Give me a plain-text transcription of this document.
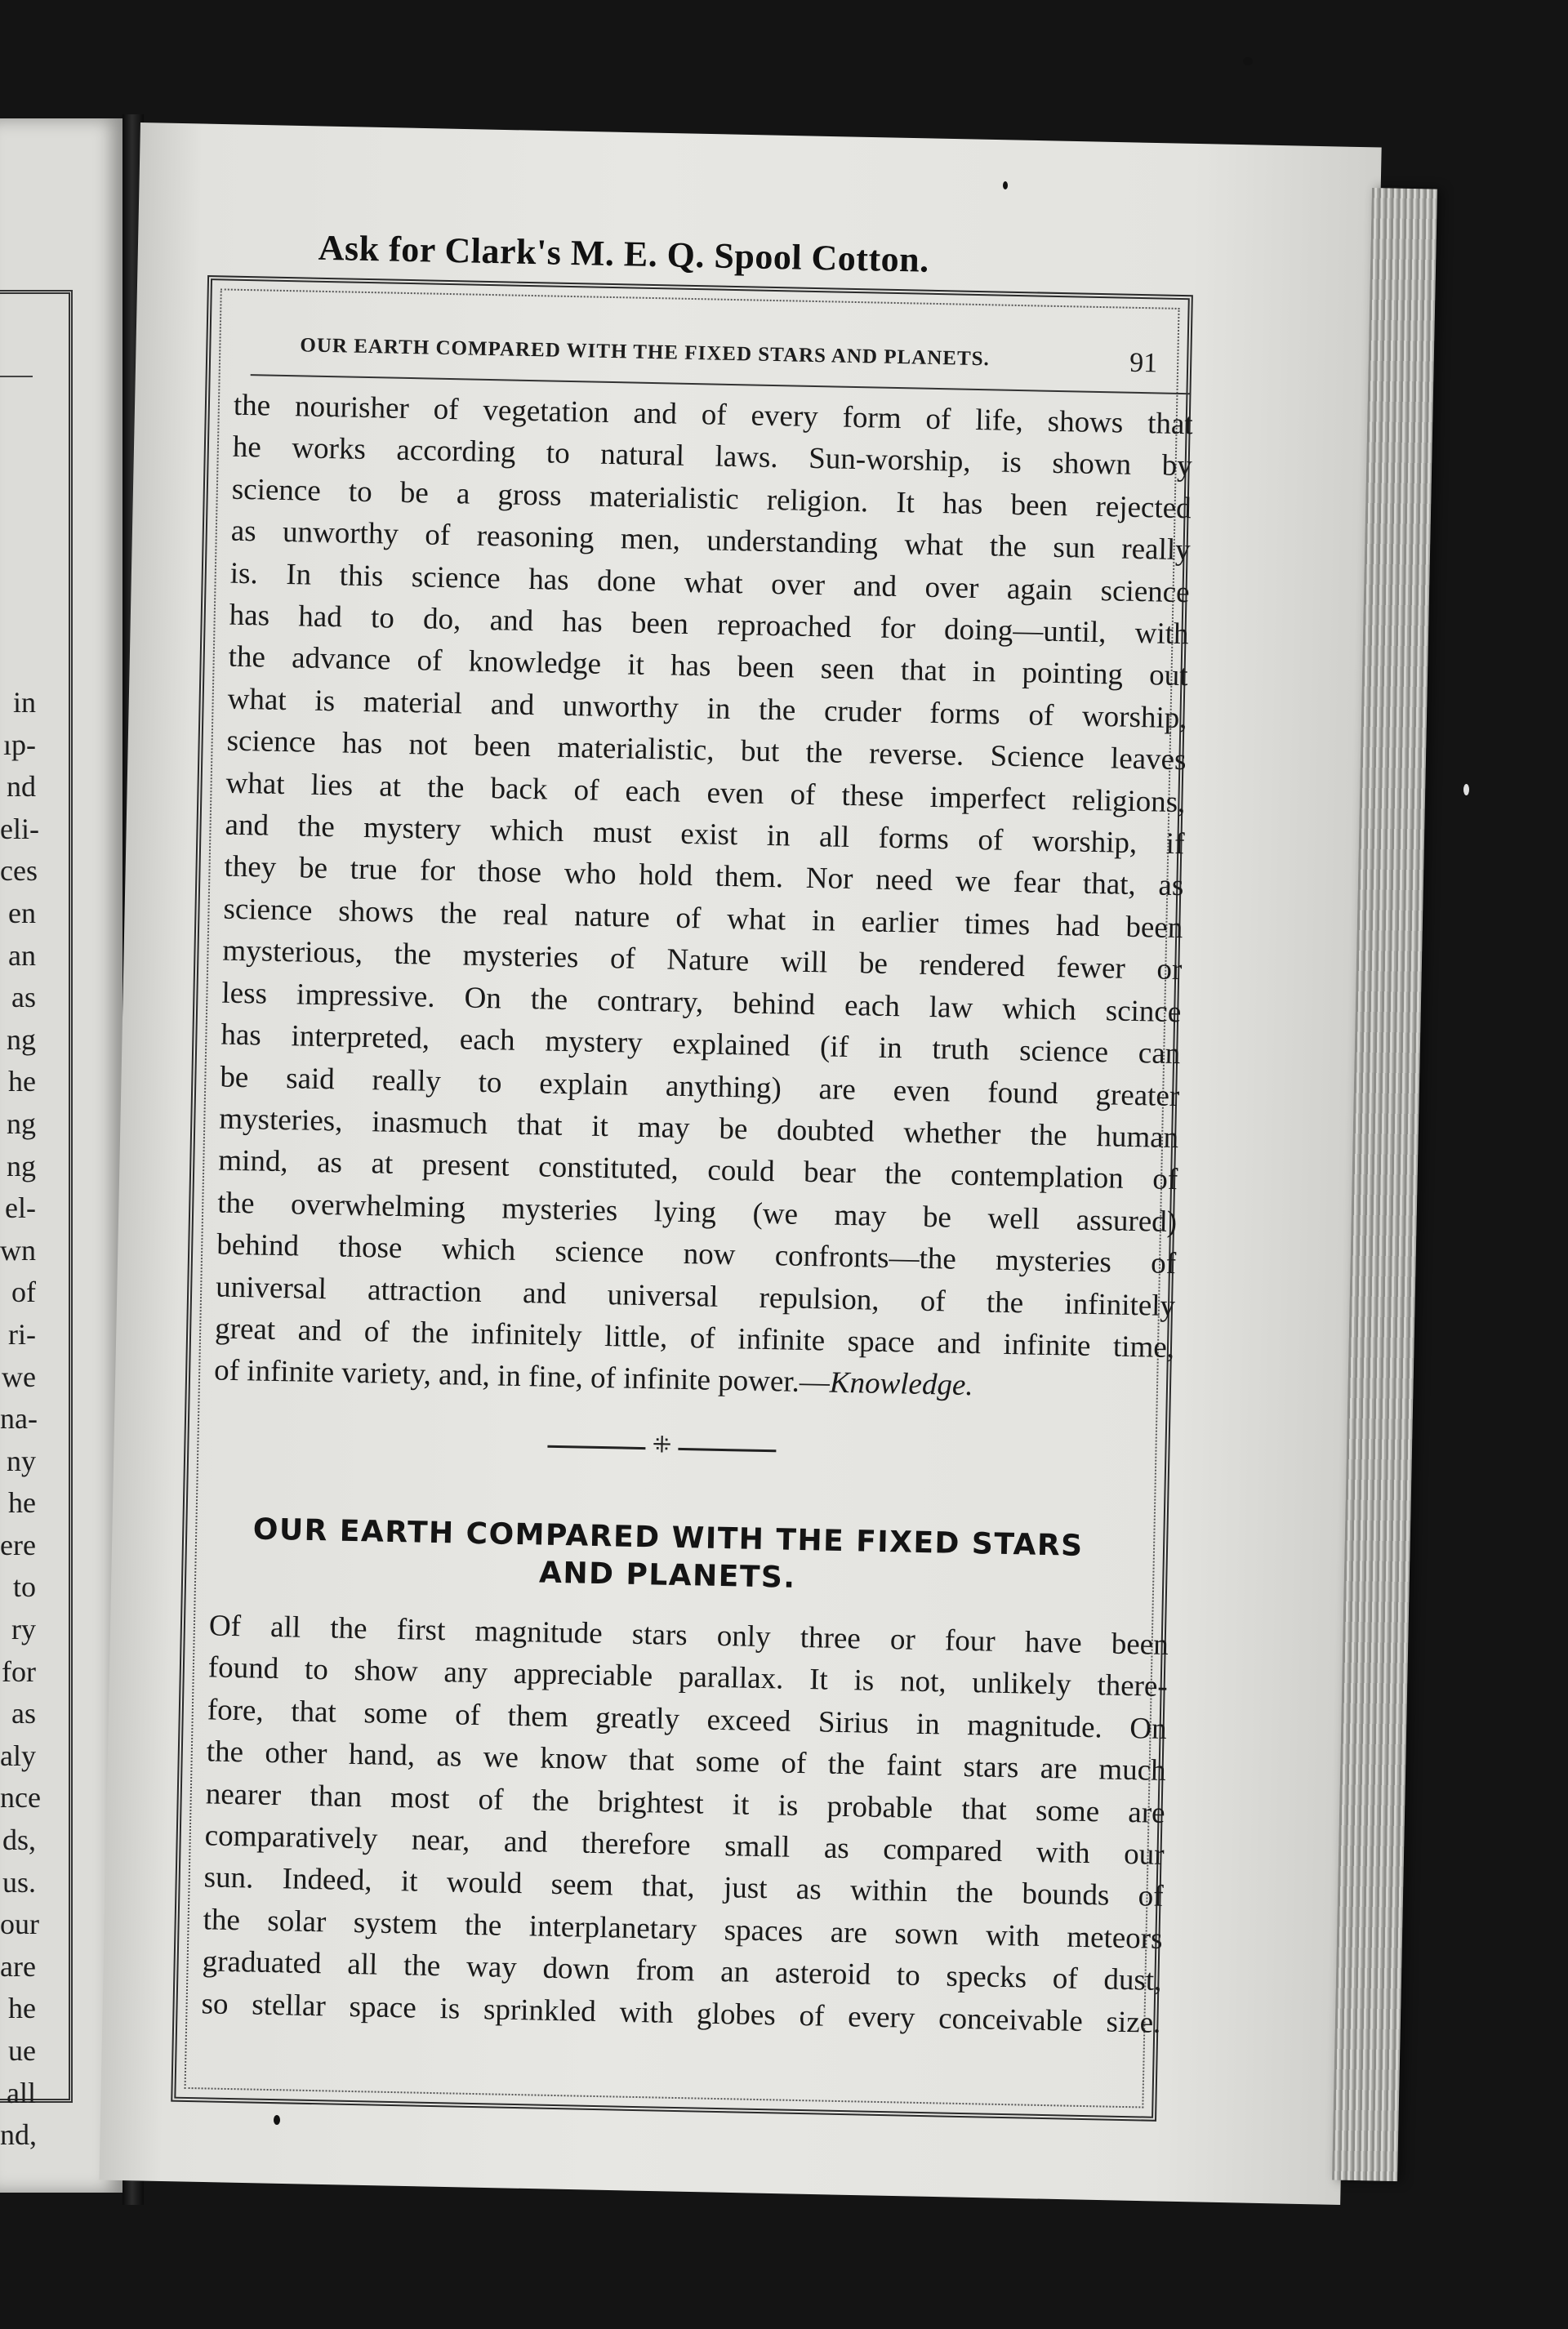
in
ıp-
nd
eli-
ces
en
an
as
ng
he
ng
ng
el-
wn
of
ri-
we
na-
ny
he
ere
to
ry
for
as
aly
nce
ds,
us.
our
are
he
ue
all
nd,
Ask for Clark's M. E. Q. Spool Cotton.
OUR EARTH COMPARED WITH THE FIXED STARS AND PLANETS.	91
the nourisher of vegetation and of every form of life, shows that
he works according to natural laws. Sun-worship, is shown by
science to be a gross materialistic religion. It has been rejected
as unworthy of reasoning men, understanding what the sun really
is. In this science has done what over and over again science
has had to do, and has been reproached for doing—until, with
the advance of knowledge it has been seen that in pointing out
what is material and unworthy in the cruder forms of worship,
science has not been materialistic, but the reverse. Science leaves
what lies at the back of each even of these imperfect religions,
and the mystery which must exist in all forms of worship, if
they be true for those who hold them. Nor need we fear that, as
science shows the real nature of what in earlier times had been
mysterious, the mysteries of Nature will be rendered fewer or
less impressive. On the contrary, behind each law which scince
has interpreted, each mystery explained (if in truth science can
be said really to explain anything) are even found greater
mysteries, inasmuch that it may be doubted whether the human
mind, as at present constituted, could bear the contemplation of
the overwhelming mysteries lying (we may be well assured)
behind those which science now confronts—the mysteries of
universal attraction and universal repulsion, of the infinitely
great and of the infinitely little, of infinite space and infinite time,
of infinite variety, and, in fine, of infinite power.—Knowledge.
⁜
OUR EARTH COMPARED WITH THE FIXED STARS
AND PLANETS.
Of all the first magnitude stars only three or four have been
found to show any appreciable parallax. It is not, unlikely there-
fore, that some of them greatly exceed Sirius in magnitude. On
the other hand, as we know that some of the faint stars are much
nearer than most of the brightest it is probable that some are
comparatively near, and therefore small as compared with our
sun. Indeed, it would seem that, just as within the bounds of
the solar system the interplanetary spaces are sown with meteors
graduated all the way down from an asteroid to specks of dust,
so stellar space is sprinkled with globes of every conceivable size.
